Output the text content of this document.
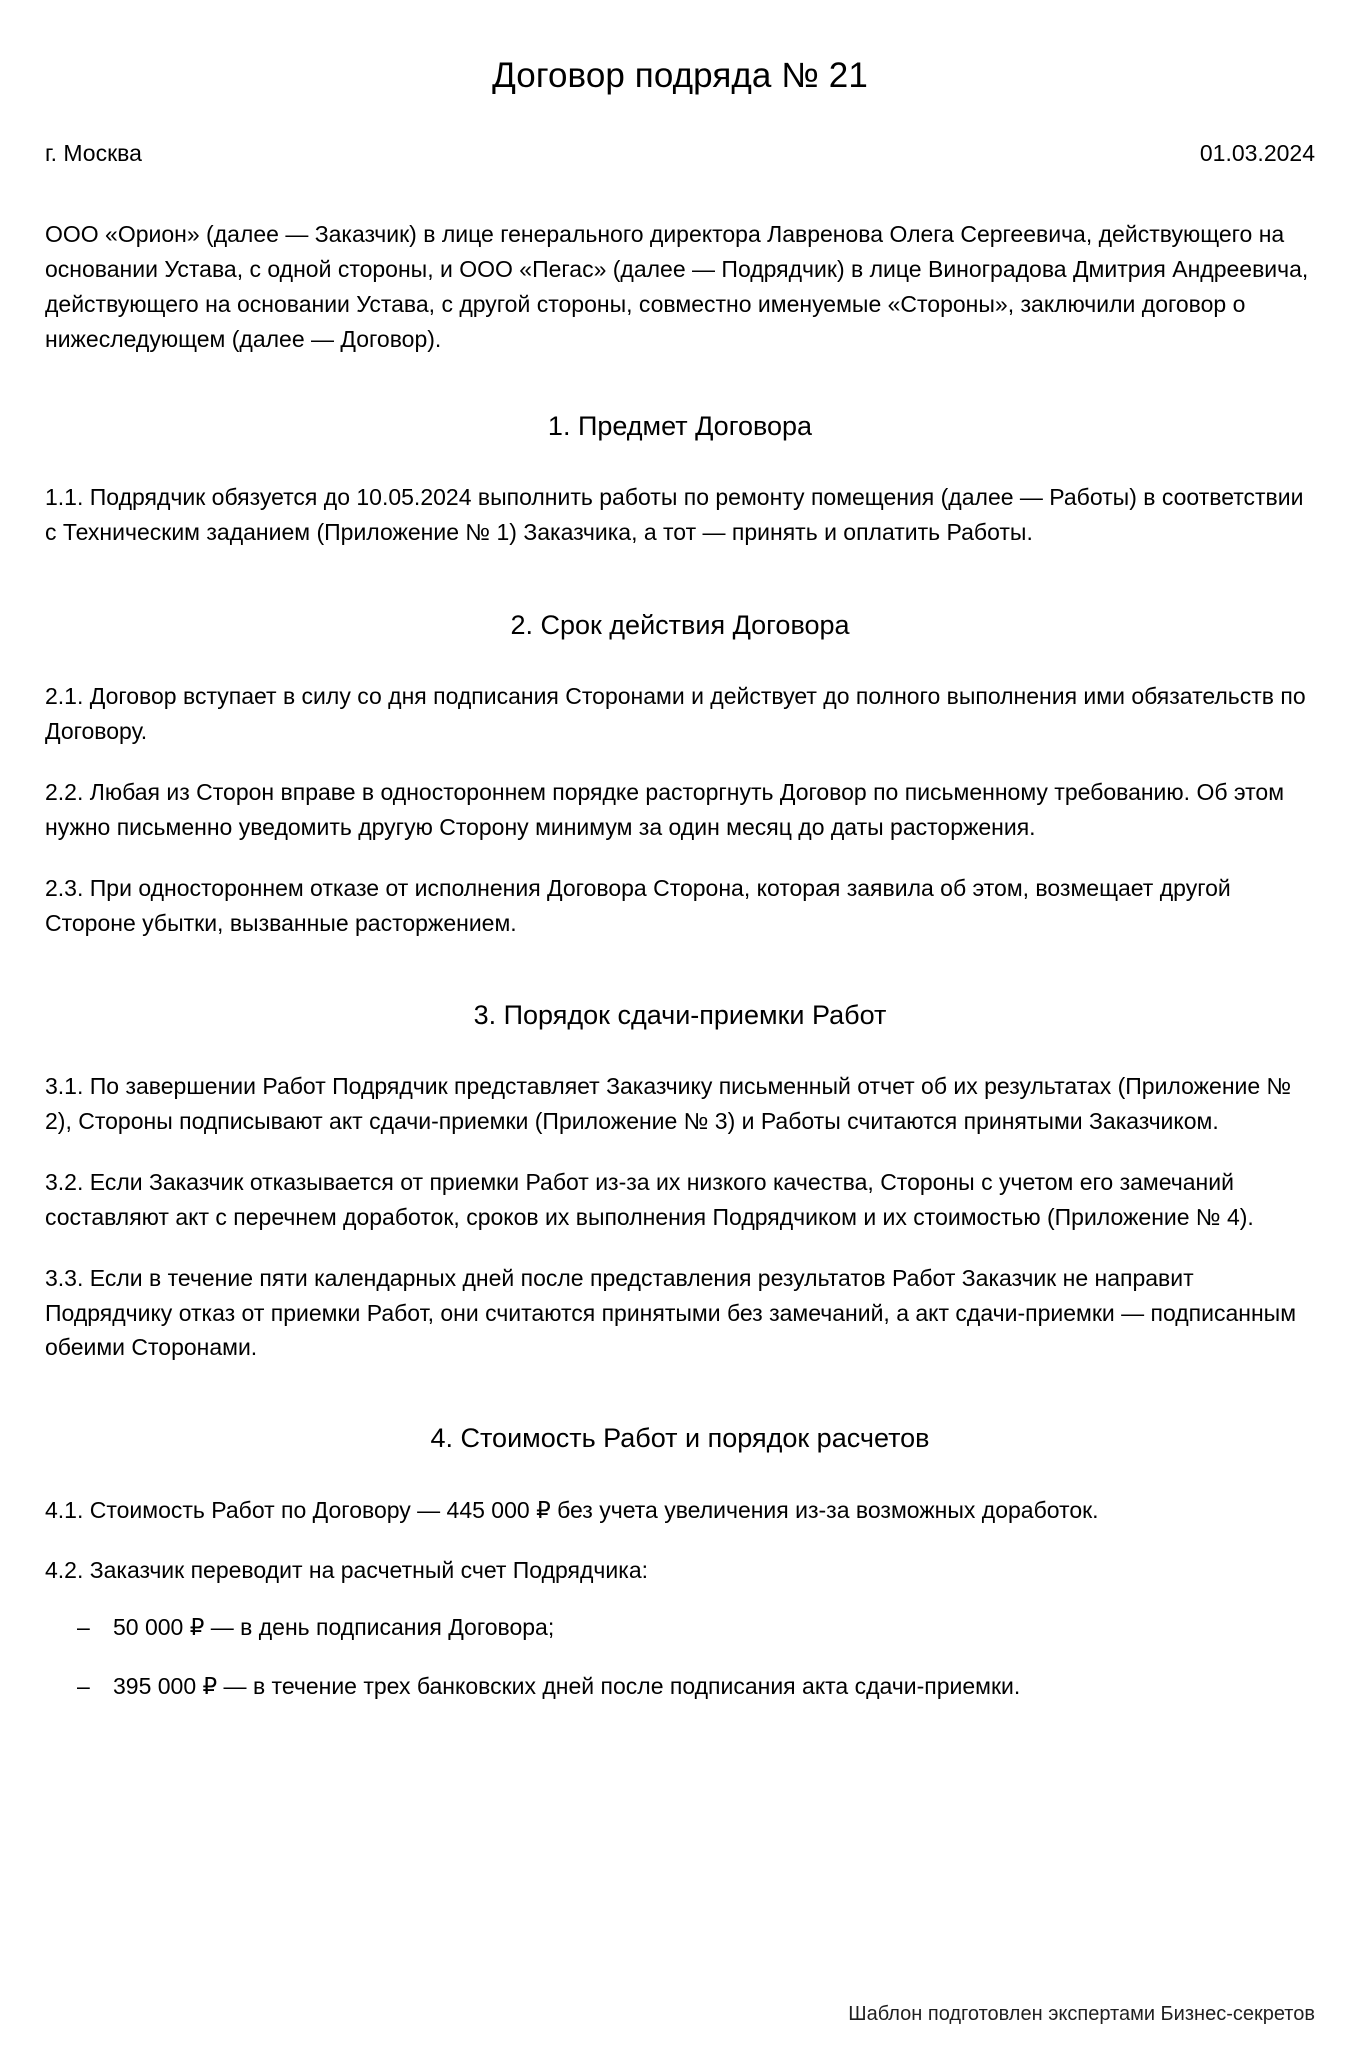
Договор подряда № 21
г. Москва	01.03.2024

ООО «Орион» (далее — Заказчик) в лице генерального директора Лавренова Олега Сергеевича, действующего на основании Устава, с одной стороны, и ООО «Пегас» (далее — Подрядчик) в лице Виноградова Дмитрия Андреевича, действующего на основании Устава, с другой стороны, совместно именуемые «Стороны», заключили договор о нижеследующем (далее — Договор).

1. Предмет Договора

1.1. Подрядчик обязуется до 10.05.2024 выполнить работы по ремонту помещения (далее — Работы) в соответствии с Техническим заданием (Приложение № 1) Заказчика, а тот — принять и оплатить Работы.

2. Срок действия Договора

2.1. Договор вступает в силу со дня подписания Сторонами и действует до полного выполнения ими обязательств по Договору.

2.2. Любая из Сторон вправе в одностороннем порядке расторгнуть Договор по письменному требованию. Об этом нужно письменно уведомить другую Сторону минимум за один месяц до даты расторжения.

2.3. При одностороннем отказе от исполнения Договора Сторона, которая заявила об этом, возмещает другой Стороне убытки, вызванные расторжением.

3. Порядок сдачи-приемки Работ

3.1. По завершении Работ Подрядчик представляет Заказчику письменный отчет об их результатах (Приложение № 2), Стороны подписывают акт сдачи-приемки (Приложение № 3) и Работы считаются принятыми Заказчиком.

3.2. Если Заказчик отказывается от приемки Работ из-за их низкого качества, Стороны с учетом его замечаний составляют акт с перечнем доработок, сроков их выполнения Подрядчиком и их стоимостью (Приложение № 4).

3.3. Если в течение пяти календарных дней после представления результатов Работ Заказчик не направит Подрядчику отказ от приемки Работ, они считаются принятыми без замечаний, а акт сдачи-приемки — подписанным обеими Сторонами.

4. Стоимость Работ и порядок расчетов

4.1. Стоимость Работ по Договору — 445 000 ₽ без учета увеличения из-за возможных доработок.

4.2. Заказчик переводит на расчетный счет Подрядчика:

– 50 000 ₽ — в день подписания Договора;
– 395 000 ₽ — в течение трех банковских дней после подписания акта сдачи-приемки.
Шаблон подготовлен экспертами Бизнес-секретов
